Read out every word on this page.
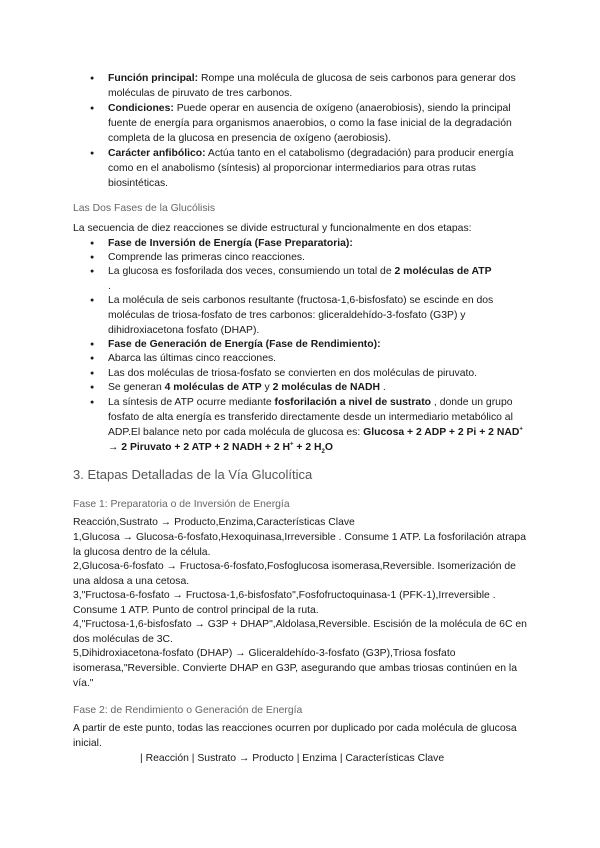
●
Función principal: Rompe una molécula de glucosa de seis carbonos para generar dos moléculas de piruvato de tres carbonos.
●
Condiciones: Puede operar en ausencia de oxígeno (anaerobiosis), siendo la principal fuente de energía para organismos anaerobios, o como la fase inicial de la degradación completa de la glucosa en presencia de oxígeno (aerobiosis).
●
Carácter anfibólico: Actúa tanto en el catabolismo (degradación) para producir energía como en el anabolismo (síntesis) al proporcionar intermediarios para otras rutas biosintéticas.
Las Dos Fases de la Glucólisis
La secuencia de diez reacciones se divide estructural y funcionalmente en dos etapas:
●
Fase de Inversión de Energía (Fase Preparatoria):
●
Comprende las primeras cinco reacciones.
●
La glucosa es fosforilada dos veces, consumiendo un total de 2 moléculas de ATP
.
●
La molécula de seis carbonos resultante (fructosa-1,6-bisfosfato) se escinde en dos moléculas de triosa-fosfato de tres carbonos: gliceraldehído-3-fosfato (G3P) y dihidroxiacetona fosfato (DHAP).
●
Fase de Generación de Energía (Fase de Rendimiento):
●
Abarca las últimas cinco reacciones.
●
Las dos moléculas de triosa-fosfato se convierten en dos moléculas de piruvato.
●
Se generan 4 moléculas de ATP y 2 moléculas de NADH .
●
La síntesis de ATP ocurre mediante fosforilación a nivel de sustrato , donde un grupo fosfato de alta energía es transferido directamente desde un intermediario metabólico al ADP.El balance neto por cada molécula de glucosa es: Glucosa + 2 ADP + 2 Pi + 2 NAD+ → 2 Piruvato + 2 ATP + 2 NADH + 2 H+ + 2 $H_2O$
3. Etapas Detalladas de la Vía Glucolítica
Fase 1: Preparatoria o de Inversión de Energía
Reacción,Sustrato → Producto,Enzima,Características Clave
1,Glucosa → Glucosa-6-fosfato,Hexoquinasa,Irreversible . Consume 1 ATP. La fosforilación atrapa la glucosa dentro de la célula.
2,Glucosa-6-fosfato → Fructosa-6-fosfato,Fosfoglucosa isomerasa,Reversible. Isomerización de una aldosa a una cetosa.
3,"Fructosa-6-fosfato → Fructosa-1,6-bisfosfato",Fosfofructoquinasa-1 (PFK-1),Irreversible . Consume 1 ATP. Punto de control principal de la ruta.
4,"Fructosa-1,6-bisfosfato → G3P + DHAP",Aldolasa,Reversible. Escisión de la molécula de 6C en dos moléculas de 3C.
5,Dihidroxiacetona-fosfato (DHAP) → Gliceraldehído-3-fosfato (G3P),Triosa fosfato isomerasa,"Reversible. Convierte DHAP en G3P, asegurando que ambas triosas continúen en la vía."
Fase 2: de Rendimiento o Generación de Energía
A partir de este punto, todas las reacciones ocurren por duplicado por cada molécula de glucosa inicial.
| Reacción | Sustrato → Producto | Enzima | Características Clave
